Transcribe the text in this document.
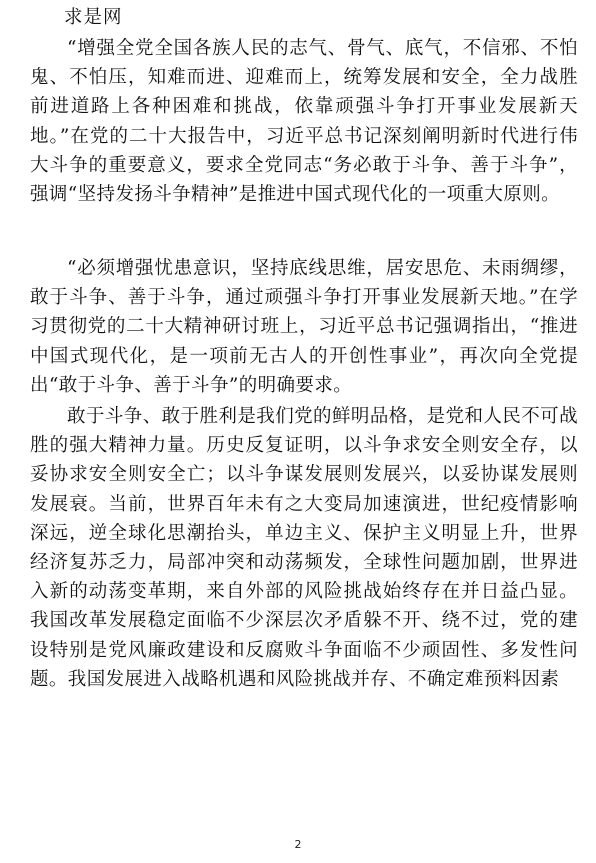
求是网

“增强全党全国各族人民的志气、骨气、底气，不信邪、不怕鬼、不怕压，知难而进、迎难而上，统筹发展和安全，全力战胜前进道路上各种困难和挑战，依靠顽强斗争打开事业发展新天地。”在党的二十大报告中，习近平总书记深刻阐明新时代进行伟大斗争的重要意义，要求全党同志“务必敢于斗争、善于斗争”，强调“坚持发扬斗争精神”是推进中国式现代化的一项重大原则。

“必须增强忧患意识，坚持底线思维，居安思危、未雨绸缪，敢于斗争、善于斗争，通过顽强斗争打开事业发展新天地。”在学习贯彻党的二十大精神研讨班上，习近平总书记强调指出，“推进中国式现代化，是一项前无古人的开创性事业”，再次向全党提出“敢于斗争、善于斗争”的明确要求。

敢于斗争、敢于胜利是我们党的鲜明品格，是党和人民不可战胜的强大精神力量。历史反复证明，以斗争求安全则安全存，以妥协求安全则安全亡；以斗争谋发展则发展兴，以妥协谋发展则发展衰。当前，世界百年未有之大变局加速演进，世纪疫情影响深远，逆全球化思潮抬头，单边主义、保护主义明显上升，世界经济复苏乏力，局部冲突和动荡频发，全球性问题加剧，世界进入新的动荡变革期，来自外部的风险挑战始终存在并日益凸显。我国改革发展稳定面临不少深层次矛盾躲不开、绕不过，党的建设特别是党风廉政建设和反腐败斗争面临不少顽固性、多发性问题。我国发展进入战略机遇和风险挑战并存、不确定难预料因素

2
